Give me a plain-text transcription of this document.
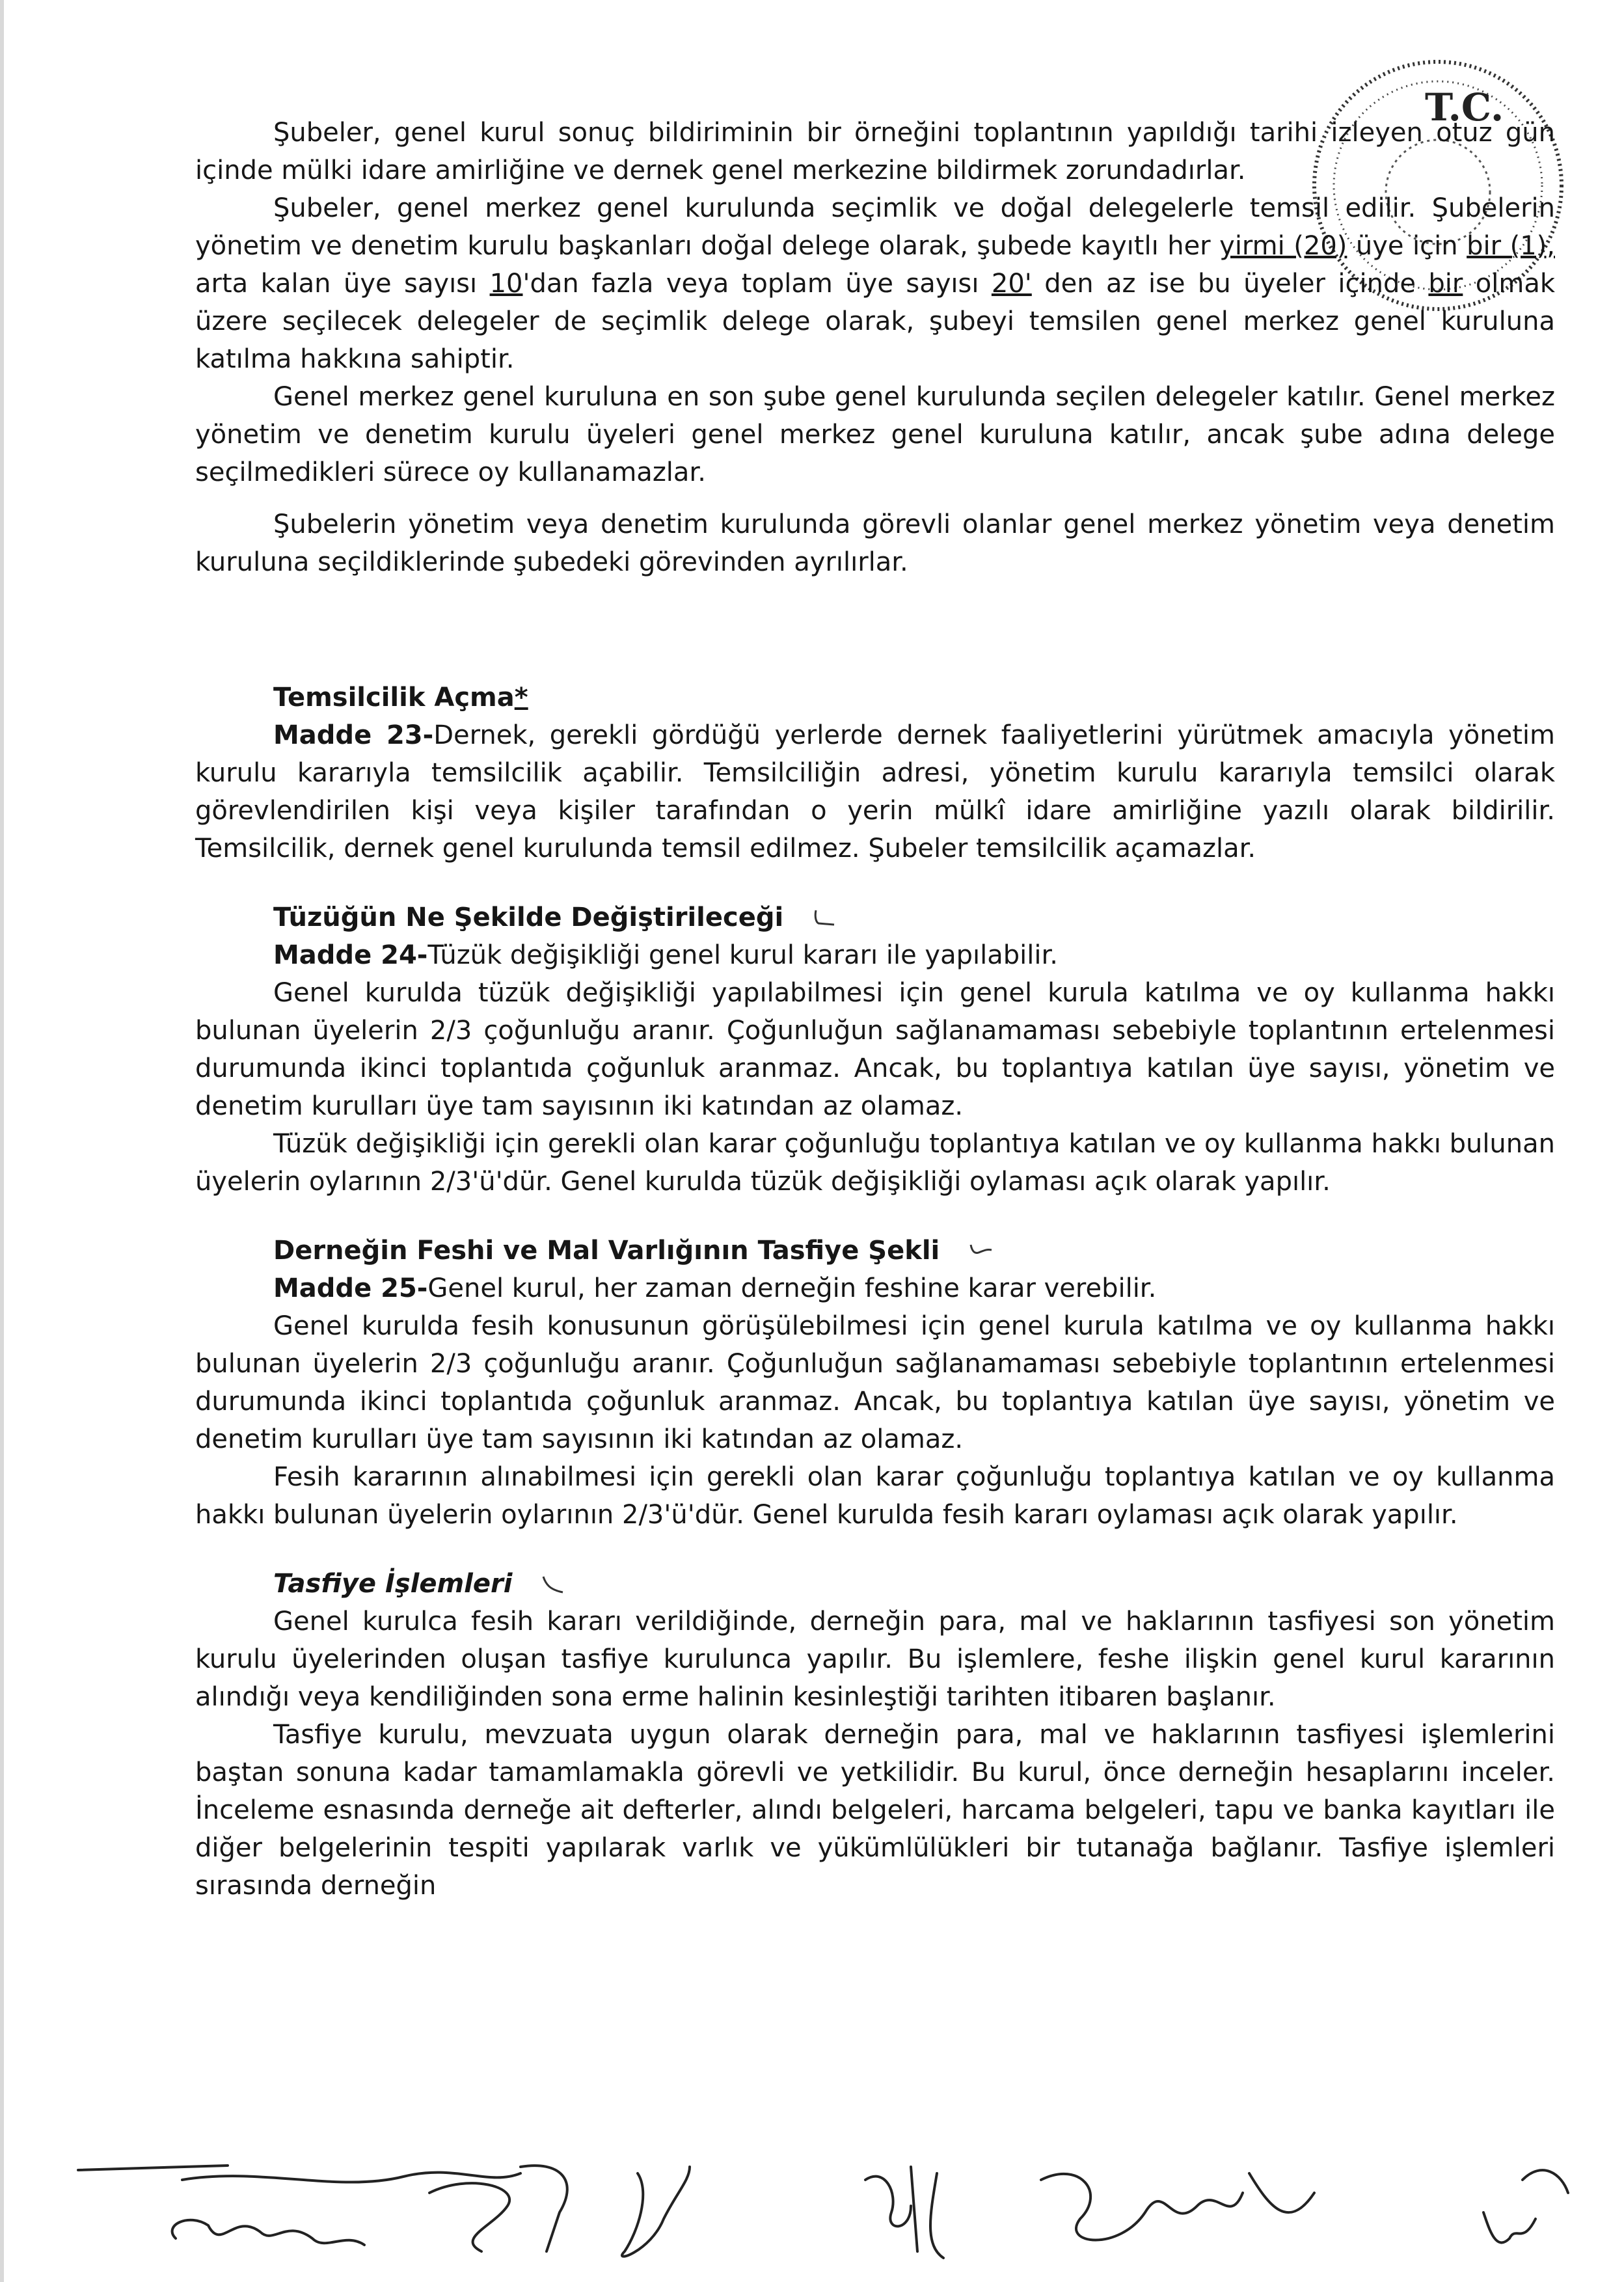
T.C.

Şubeler, genel kurul sonuç bildiriminin bir örneğini toplantının yapıldığı tarihi izleyen otuz gün içinde mülki idare amirliğine ve dernek genel merkezine bildirmek zorundadırlar.

Şubeler, genel merkez genel kurulunda seçimlik ve doğal delegelerle temsil edilir. Şubelerin yönetim ve denetim kurulu başkanları doğal delege olarak, şubede kayıtlı her yirmi (20) üye için bir (1), arta kalan üye sayısı 10'dan fazla veya toplam üye sayısı 20' den az ise bu üyeler içinde bir olmak üzere seçilecek delegeler de seçimlik delege olarak, şubeyi temsilen genel merkez genel kuruluna katılma hakkına sahiptir.

Genel merkez genel kuruluna en son şube genel kurulunda seçilen delegeler katılır. Genel merkez yönetim ve denetim kurulu üyeleri genel merkez genel kuruluna katılır, ancak şube adına delege seçilmedikleri sürece oy kullanamazlar.

Şubelerin yönetim veya denetim kurulunda görevli olanlar genel merkez yönetim veya denetim kuruluna seçildiklerinde şubedeki görevinden ayrılırlar.

Temsilcilik Açma*

Madde 23-Dernek, gerekli gördüğü yerlerde dernek faaliyetlerini yürütmek amacıyla yönetim kurulu kararıyla temsilcilik açabilir. Temsilciliğin adresi, yönetim kurulu kararıyla temsilci olarak görevlendirilen kişi veya kişiler tarafından o yerin mülkî idare amirliğine yazılı olarak bildirilir. Temsilcilik, dernek genel kurulunda temsil edilmez. Şubeler temsilcilik açamazlar.

Tüzüğün Ne Şekilde Değiştirileceği

Madde 24-Tüzük değişikliği genel kurul kararı ile yapılabilir.

Genel kurulda tüzük değişikliği yapılabilmesi için genel kurula katılma ve oy kullanma hakkı bulunan üyelerin 2/3 çoğunluğu aranır. Çoğunluğun sağlanamaması sebebiyle toplantının ertelenmesi durumunda ikinci toplantıda çoğunluk aranmaz. Ancak, bu toplantıya katılan üye sayısı, yönetim ve denetim kurulları üye tam sayısının iki katından az olamaz.

Tüzük değişikliği için gerekli olan karar çoğunluğu toplantıya katılan ve oy kullanma hakkı bulunan üyelerin oylarının 2/3'ü'dür. Genel kurulda tüzük değişikliği oylaması açık olarak yapılır.

Derneğin Feshi ve Mal Varlığının Tasfiye Şekli

Madde 25-Genel kurul, her zaman derneğin feshine karar verebilir.

Genel kurulda fesih konusunun görüşülebilmesi için genel kurula katılma ve oy kullanma hakkı bulunan üyelerin 2/3 çoğunluğu aranır. Çoğunluğun sağlanamaması sebebiyle toplantının ertelenmesi durumunda ikinci toplantıda çoğunluk aranmaz. Ancak, bu toplantıya katılan üye sayısı, yönetim ve denetim kurulları üye tam sayısının iki katından az olamaz.

Fesih kararının alınabilmesi için gerekli olan karar çoğunluğu toplantıya katılan ve oy kullanma hakkı bulunan üyelerin oylarının 2/3'ü'dür. Genel kurulda fesih kararı oylaması açık olarak yapılır.

Tasfiye İşlemleri

Genel kurulca fesih kararı verildiğinde, derneğin para, mal ve haklarının tasfiyesi son yönetim kurulu üyelerinden oluşan tasfiye kurulunca yapılır. Bu işlemlere, feshe ilişkin genel kurul kararının alındığı veya kendiliğinden sona erme halinin kesinleştiği tarihten itibaren başlanır.

Tasfiye kurulu, mevzuata uygun olarak derneğin para, mal ve haklarının tasfiyesi işlemlerini baştan sonuna kadar tamamlamakla görevli ve yetkilidir. Bu kurul, önce derneğin hesaplarını inceler. İnceleme esnasında derneğe ait defterler, alındı belgeleri, harcama belgeleri, tapu ve banka kayıtları ile diğer belgelerinin tespiti yapılarak varlık ve yükümlülükleri bir tutanağa bağlanır. Tasfiye işlemleri sırasında derneğin
